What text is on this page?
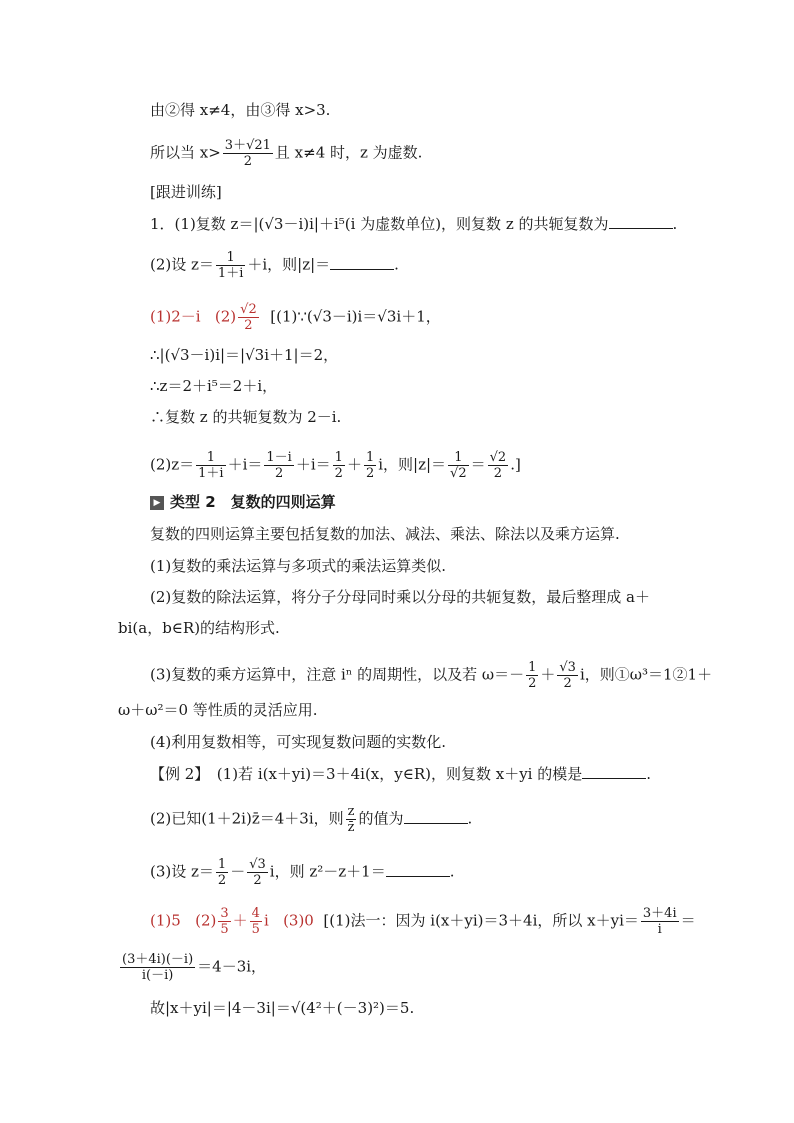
由②得 x≠4，由③得 x>3.
所以当 $x> \frac{3+√21}{2}$ 且 x≠4 时，z 为虚数.
[跟进训练]
1．(1)复数 z＝|(√3－i)i|＋i⁵(i 为虚数单位)，则复数 z 的共轭复数为	.
(2)设 $z= \frac{1}{1+i} +i$，则|z|＝	.
(1)2－i $(2) \frac{√2}{2}$ [(1)∵(√3－i)i＝√3i＋1，
∴|(√3－i)i|＝|√3i＋1|＝2，
∴z＝2＋i⁵＝2＋i，
∴复数 z 的共轭复数为 2－i.
$(2)z= \frac{1}{1+i} +i= \frac{1-i}{2} +i= \frac{1}{2} + \frac{1}{2}$ i，则$|z|= \frac{1}{√2} = \frac{√2}{2}$ .]
▶ 类型 2　复数的四则运算
复数的四则运算主要包括复数的加法、减法、乘法、除法以及乘方运算.
(1)复数的乘法运算与多项式的乘法运算类似.
(2)复数的除法运算，将分子分母同时乘以分母的共轭复数，最后整理成 a＋
bi(a，b∈R)的结构形式.
(3)复数的乘方运算中，注意 iⁿ 的周期性，以及若 $\omega=- \frac{1}{2} + \frac{√3}{2}$ i，则①ω³＝1②1＋
ω＋ω²＝0 等性质的灵活应用.
(4)利用复数相等，可实现复数问题的实数化.
【例 2】　(1)若 i(x＋yi)＝3＋4i(x，y∈R)，则复数 x＋yi 的模是	.
(2)已知(1＋2i)z̄＝4＋3i，则 $\frac{z}{z̄}$ 的值为	.
(3)设 $z= \frac{1}{2} - \frac{√3}{2}$ i，则 z²－z＋1＝	.
(1)5 $(2) \frac{3}{5} + \frac{4}{5}$ i (3)0 [(1)法一：因为 i(x＋yi)＝3＋4i，所以 $x+yi= \frac{3+4i}{i}$ ＝
$\frac{(3+4i)(-i)}{i(-i)} =4-3i$，
故|x＋yi|＝|4－3i|＝√(4²＋(－3)²)＝5.
